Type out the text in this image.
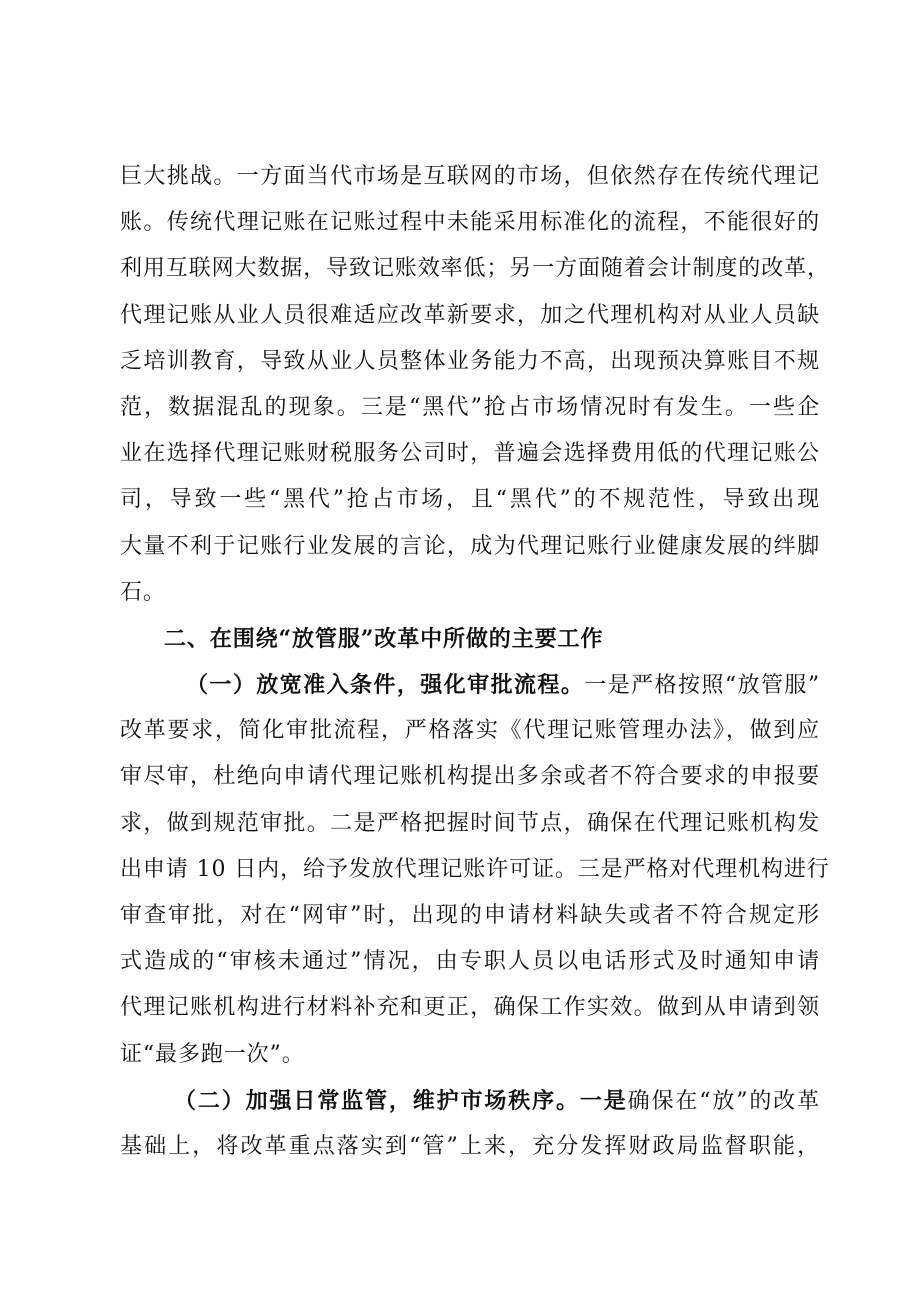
巨大挑战。一方面当代市场是互联网的市场，但依然存在传统代理记
账。传统代理记账在记账过程中未能采用标准化的流程，不能很好的
利用互联网大数据，导致记账效率低；另一方面随着会计制度的改革，
代理记账从业人员很难适应改革新要求，加之代理机构对从业人员缺
乏培训教育，导致从业人员整体业务能力不高，出现预决算账目不规
范，数据混乱的现象。三是“黑代”抢占市场情况时有发生。一些企
业在选择代理记账财税服务公司时，普遍会选择费用低的代理记账公
司，导致一些“黑代”抢占市场，且“黑代”的不规范性，导致出现
大量不利于记账行业发展的言论，成为代理记账行业健康发展的绊脚
石。
二、在围绕“放管服”改革中所做的主要工作
（一）放宽准入条件，强化审批流程。一是严格按照“放管服”
改革要求，简化审批流程，严格落实《代理记账管理办法》，做到应
审尽审，杜绝向申请代理记账机构提出多余或者不符合要求的申报要
求，做到规范审批。二是严格把握时间节点，确保在代理记账机构发
出申请 10 日内，给予发放代理记账许可证。三是严格对代理机构进行
审查审批，对在“网审”时，出现的申请材料缺失或者不符合规定形
式造成的“审核未通过”情况，由专职人员以电话形式及时通知申请
代理记账机构进行材料补充和更正，确保工作实效。做到从申请到领
证“最多跑一次”。
（二）加强日常监管，维护市场秩序。一是确保在“放”的改革
基础上，将改革重点落实到“管”上来，充分发挥财政局监督职能，
